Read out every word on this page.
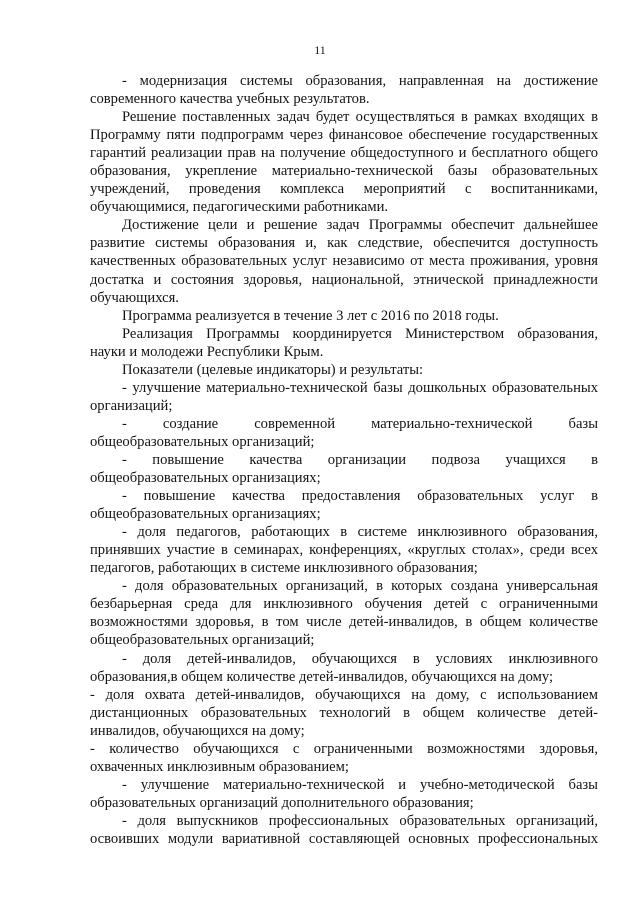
11

- модернизация системы образования, направленная на достижение современного качества учебных результатов.

Решение поставленных задач будет осуществляться в рамках входящих в Программу пяти подпрограмм через финансовое обеспечение государственных гарантий реализации прав на получение общедоступного и бесплатного общего образования, укрепление материально-технической базы образовательных учреждений, проведения комплекса мероприятий с воспитанниками, обучающимися, педагогическими работниками.

Достижение цели и решение задач Программы обеспечит дальнейшее развитие системы образования и, как следствие, обеспечится доступность качественных образовательных услуг независимо от места проживания, уровня достатка и состояния здоровья, национальной, этнической принадлежности обучающихся.

Программа реализуется в течение 3 лет с 2016 по 2018 годы.

Реализация Программы координируется Министерством образования, науки и молодежи Республики Крым.

Показатели (целевые индикаторы) и результаты:

- улучшение материально-технической базы дошкольных образовательных организаций;

- создание современной материально-технической базы общеобразовательных организаций;

- повышение качества организации подвоза учащихся в общеобразовательных организациях;

- повышение качества предоставления образовательных услуг в общеобразовательных организациях;

- доля педагогов, работающих в системе инклюзивного образования, принявших участие в семинарах, конференциях, «круглых столах», среди всех педагогов, работающих в системе инклюзивного образования;

- доля образовательных организаций, в которых создана универсальная безбарьерная среда для инклюзивного обучения детей с ограниченными возможностями здоровья, в том числе детей-инвалидов, в общем количестве общеобразовательных организаций;

- доля детей-инвалидов, обучающихся в условиях инклюзивного образования,в общем количестве детей-инвалидов, обучающихся на дому;

- доля охвата детей-инвалидов, обучающихся на дому, с использованием дистанционных образовательных технологий в общем количестве детей-инвалидов, обучающихся на дому;

- количество обучающихся с ограниченными возможностями здоровья, охваченных инклюзивным образованием;

- улучшение материально-технической и учебно-методической базы образовательных организаций дополнительного образования;

- доля выпускников профессиональных образовательных организаций, освоивших модули вариативной составляющей основных профессиональных
